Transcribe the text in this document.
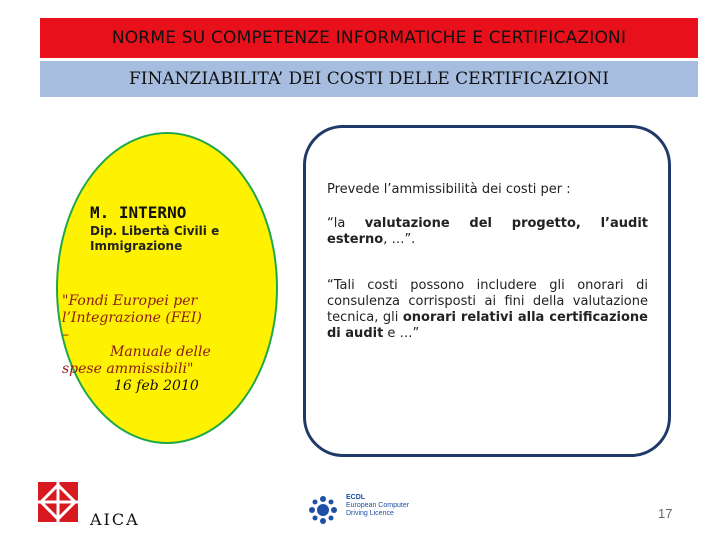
NORME SU COMPETENZE INFORMATICHE E CERTIFICAZIONI
FINANZIABILITA’ DEI COSTI DELLE CERTIFICAZIONI
M. INTERNO
Dip. Libertà Civili e Immigrazione
"Fondi Europei per l’Integrazione (FEI)
–
Manuale delle
spese ammissibili"
16 feb 2010
Prevede l’ammissibilità dei costi per :
“la valutazione del progetto, l’audit esterno, …”.
“Tali costi possono includere gli onorari di consulenza corrisposti ai fini della valutazione tecnica, gli onorari relativi alla certificazione di audit e …”
AICA
ECDL
European Computer
Driving Licence	17
